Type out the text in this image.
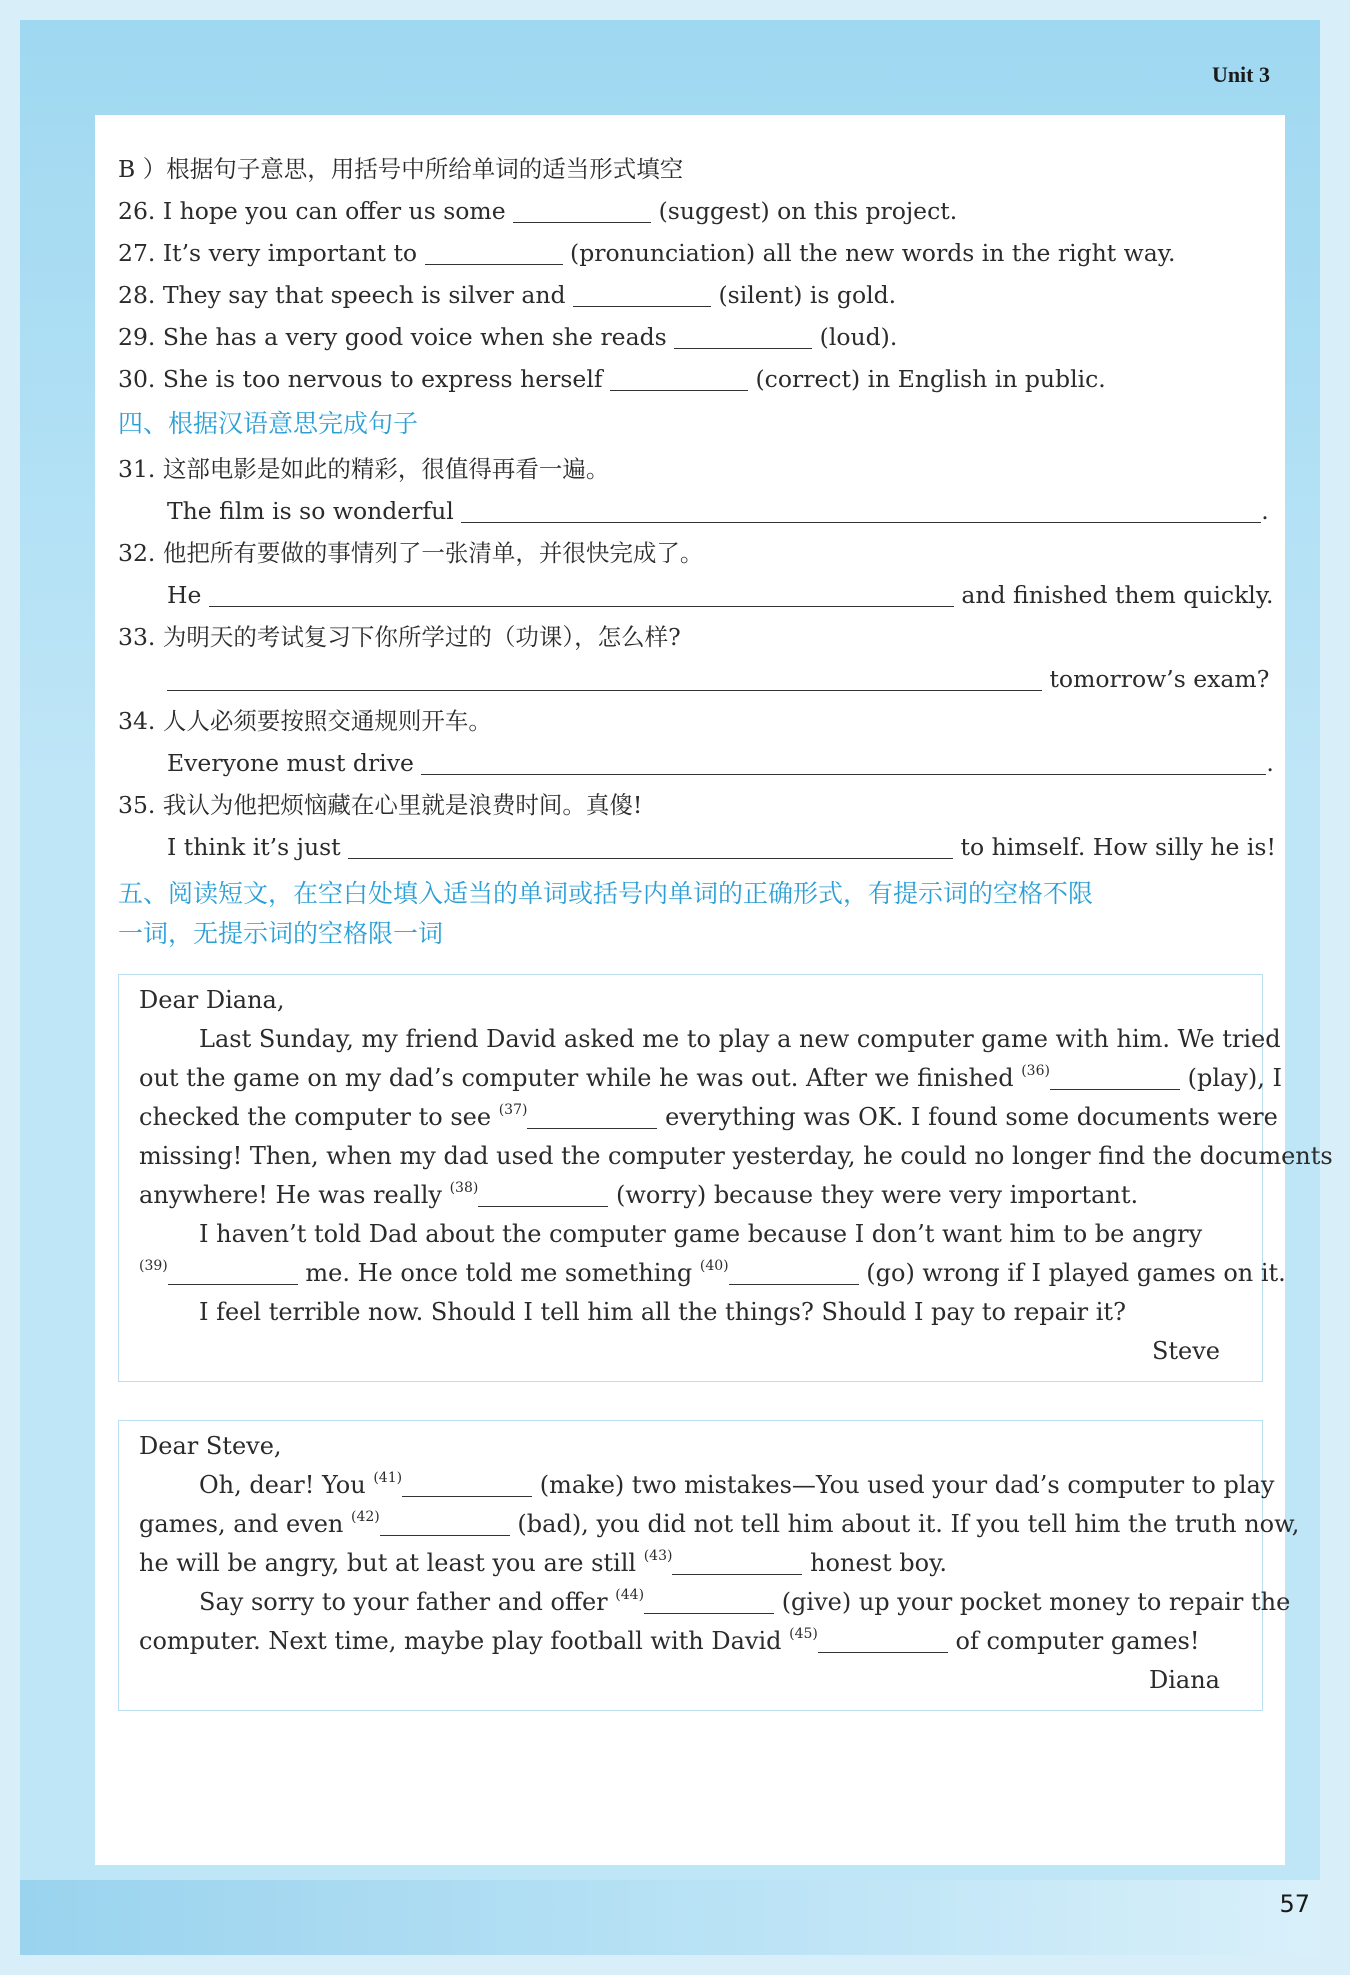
Unit 3
57
B ）根据句子意思，用括号中所给单词的适当形式填空
26. I hope you can offer us some	(suggest) on this project.
27. It’s very important to	(pronunciation) all the new words in the right way.
28. They say that speech is silver and	(silent) is gold.
29. She has a very good voice when she reads	(loud).
30. She is too nervous to express herself	(correct) in English in public.
四、根据汉语意思完成句子
31. 这部电影是如此的精彩，很值得再看一遍。
The film is so wonderful	.
32. 他把所有要做的事情列了一张清单，并很快完成了。
He	and finished them quickly.
33. 为明天的考试复习下你所学过的（功课），怎么样?
tomorrow’s exam?
34. 人人必须要按照交通规则开车。
Everyone must drive	.
35. 我认为他把烦恼藏在心里就是浪费时间。真傻!
I think it’s just	to himself. How silly he is!
五、阅读短文，在空白处填入适当的单词或括号内单词的正确形式，有提示词的空格不限
一词，无提示词的空格限一词
Dear Diana,
Last Sunday, my friend David asked me to play a new computer game with him. We tried
out the game on my dad’s computer while he was out. After we finished $^{(36)}$	(play), I
checked the computer to see $^{(37)}$	everything was OK. I found some documents were
missing! Then, when my dad used the computer yesterday, he could no longer find the documents
anywhere! He was really $^{(38)}$	(worry) because they were very important.
I haven’t told Dad about the computer game because I don’t want him to be angry
$^{(39)}$	me. He once told me something $^{(40)}$	(go) wrong if I played games on it.
I feel terrible now. Should I tell him all the things? Should I pay to repair it?
Steve
Dear Steve,
Oh, dear! You $^{(41)}$	(make) two mistakes—You used your dad’s computer to play
games, and even $^{(42)}$	(bad), you did not tell him about it. If you tell him the truth now,
he will be angry, but at least you are still $^{(43)}$	honest boy.
Say sorry to your father and offer $^{(44)}$	(give) up your pocket money to repair the
computer. Next time, maybe play football with David $^{(45)}$	of computer games!
Diana
